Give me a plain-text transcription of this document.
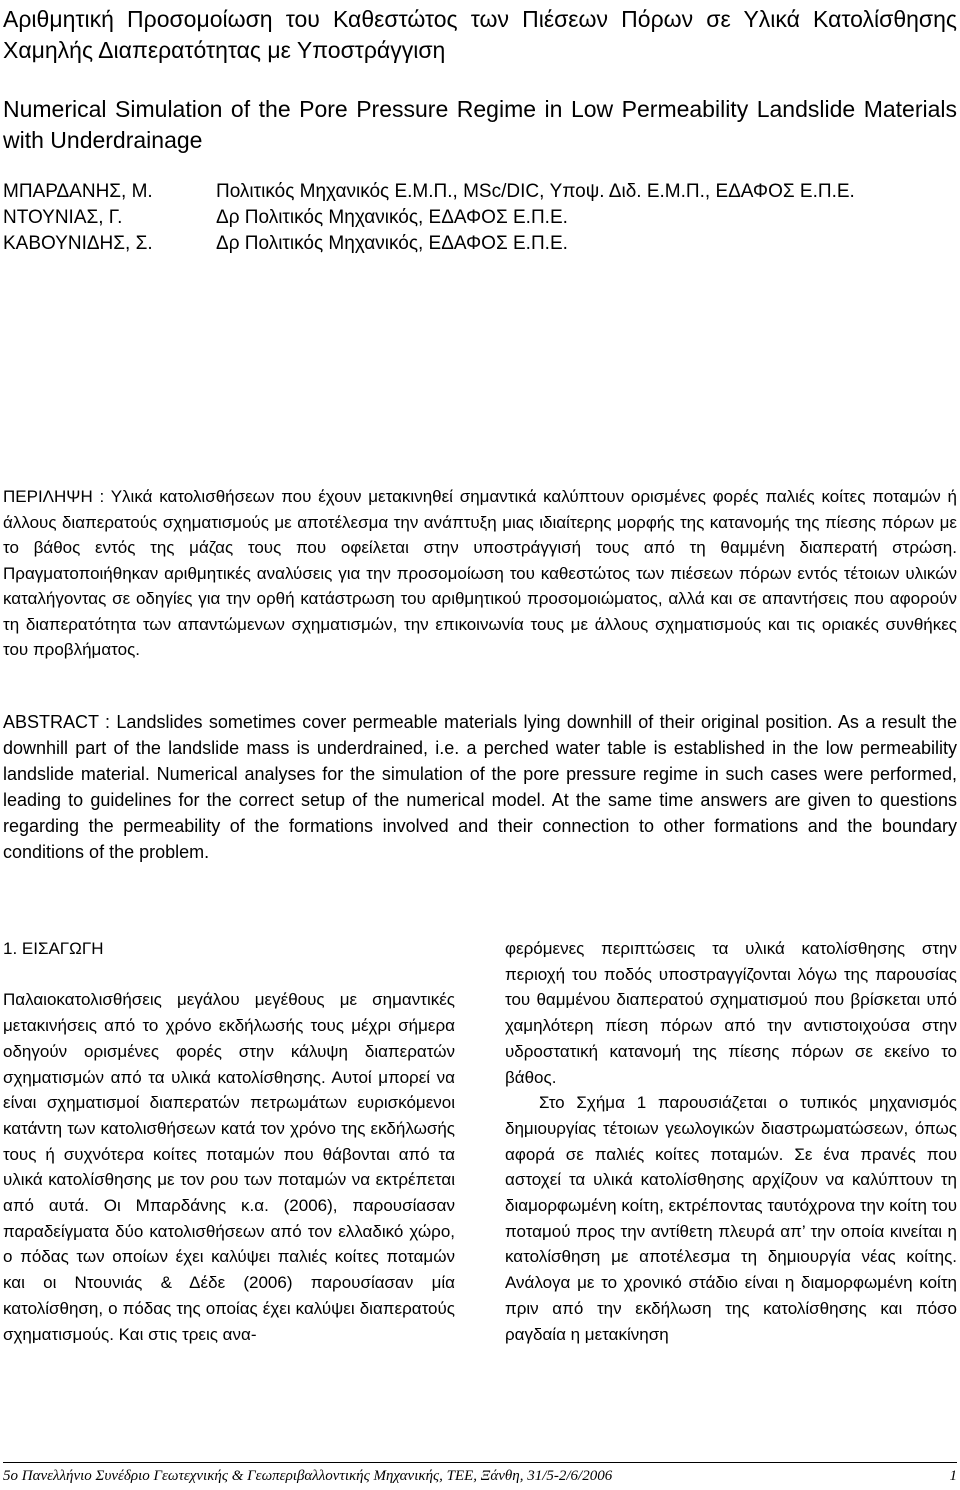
Αριθμητική Προσομοίωση του Καθεστώτος των Πιέσεων Πόρων σε Υλικά Κατολίσθησης Χαμηλής Διαπερατότητας με Υποστράγγιση
Numerical Simulation of the Pore Pressure Regime in Low Permeability Landslide Materials with Underdrainage
ΜΠΑΡΔΑΝΗΣ, Μ.	Πολιτικός Μηχανικός Ε.Μ.Π., MSc/DIC, Υποψ. Διδ. Ε.Μ.Π., ΕΔΑΦΟΣ Ε.Π.Ε.
ΝΤΟΥΝΙΑΣ, Γ.	Δρ Πολιτικός Μηχανικός, ΕΔΑΦΟΣ Ε.Π.Ε.
ΚΑΒΟΥΝΙΔΗΣ, Σ.	Δρ Πολιτικός Μηχανικός, ΕΔΑΦΟΣ Ε.Π.Ε.
ΠΕΡΙΛΗΨΗ : Υλικά κατολισθήσεων που έχουν μετακινηθεί σημαντικά καλύπτουν ορισμένες φορές παλιές κοίτες ποταμών ή άλλους διαπερατούς σχηματισμούς με αποτέλεσμα την ανάπτυξη μιας ιδιαίτερης μορφής της κατανομής της πίεσης πόρων με το βάθος εντός της μάζας τους που οφείλεται στην υποστράγγισή τους από τη θαμμένη διαπερατή στρώση. Πραγματοποιήθηκαν αριθμητικές αναλύσεις για την προσομοίωση του καθεστώτος των πιέσεων πόρων εντός τέτοιων υλικών καταλήγοντας σε οδηγίες για την ορθή κατάστρωση του αριθμητικού προσομοιώματος, αλλά και σε απαντήσεις που αφορούν τη διαπερατότητα των απαντώμενων σχηματισμών, την επικοινωνία τους με άλλους σχηματισμούς και τις οριακές συνθήκες του προβλήματος.
ABSTRACT : Landslides sometimes cover permeable materials lying downhill of their original position. As a result the downhill part of the landslide mass is underdrained, i.e. a perched water table is established in the low permeability landslide material. Numerical analyses for the simulation of the pore pressure regime in such cases were performed, leading to guidelines for the correct setup of the numerical model. At the same time answers are given to questions regarding the permeability of the formations involved and their connection to other formations and the boundary conditions of the problem.
1. ΕΙΣΑΓΩΓΗ

Παλαιοκατολισθήσεις μεγάλου μεγέθους με σημαντικές μετακινήσεις από το χρόνο εκδήλωσής τους μέχρι σήμερα οδηγούν ορισμένες φορές στην κάλυψη διαπερατών σχηματισμών από τα υλικά κατολίσθησης. Αυτοί μπορεί να είναι σχηματισμοί διαπερατών πετρωμάτων ευρισκόμενοι κατάντη των κατολισθήσεων κατά τον χρόνο της εκδήλωσής τους ή συχνότερα κοίτες ποταμών που θάβονται από τα υλικά κατολίσθησης με τον ρου των ποταμών να εκτρέπεται από αυτά. Οι Μπαρδάνης κ.α. (2006), παρουσίασαν παραδείγματα δύο κατολισθήσεων από τον ελλαδικό χώρο, ο πόδας των οποίων έχει καλύψει παλιές κοίτες ποταμών και οι Ντουνιάς & Δέδε (2006) παρουσίασαν μία κατολίσθηση, ο πόδας της οποίας έχει καλύψει διαπερατούς σχηματισμούς. Και στις τρεις ανα-

φερόμενες περιπτώσεις τα υλικά κατολίσθησης στην περιοχή του ποδός υποστραγγίζονται λόγω της παρουσίας του θαμμένου διαπερατού σχηματισμού που βρίσκεται υπό χαμηλότερη πίεση πόρων από την αντιστοιχούσα στην υδροστατική κατανομή της πίεσης πόρων σε εκείνο το βάθος.

Στο Σχήμα 1 παρουσιάζεται ο τυπικός μηχανισμός δημιουργίας τέτοιων γεωλογικών διαστρωματώσεων, όπως αφορά σε παλιές κοίτες ποταμών. Σε ένα πρανές που αστοχεί τα υλικά κατολίσθησης αρχίζουν να καλύπτουν τη διαμορφωμένη κοίτη, εκτρέποντας ταυτόχρονα την κοίτη του ποταμού προς την αντίθετη πλευρά απ’ την οποία κινείται η κατολίσθηση με αποτέλεσμα τη δημιουργία νέας κοίτης. Ανάλογα με το χρονικό στάδιο είναι η διαμορφωμένη κοίτη πριν από την εκδήλωση της κατολίσθησης και πόσο ραγδαία η μετακίνηση

5ο Πανελλήνιο Συνέδριο Γεωτεχνικής & Γεωπεριβαλλοντικής Μηχανικής, ΤΕΕ, Ξάνθη, 31/5-2/6/2006	1
